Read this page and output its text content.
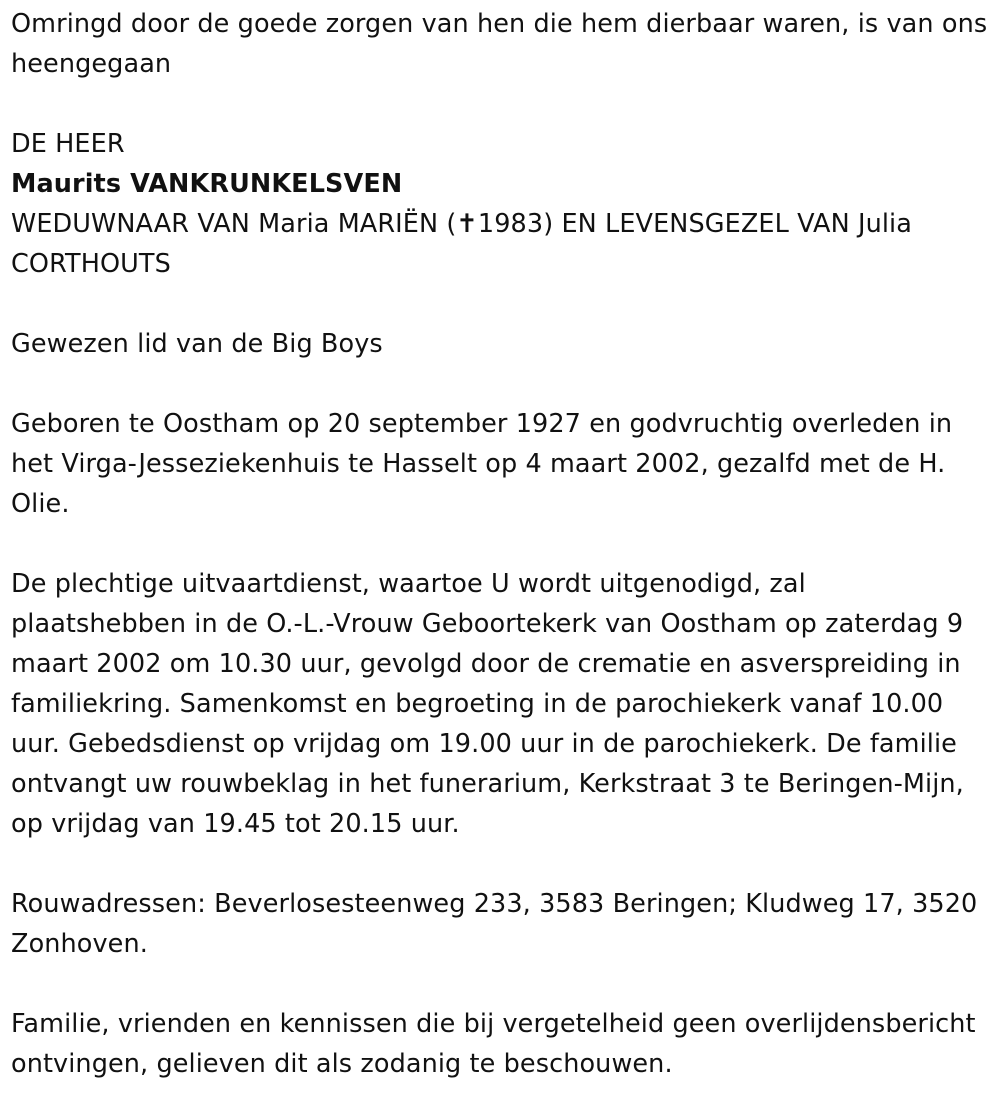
Omringd door de goede zorgen van hen die hem dierbaar waren, is van ons heengegaan

DE HEER

Maurits VANKRUNKELSVEN

WEDUWNAAR VAN Maria MARIËN (✝1983) EN LEVENSGEZEL VAN Julia CORTHOUTS

Gewezen lid van de Big Boys

Geboren te Oostham op 20 september 1927 en godvruchtig overleden in het Virga-Jesseziekenhuis te Hasselt op 4 maart 2002, gezalfd met de H. Olie.

De plechtige uitvaartdienst, waartoe U wordt uitgenodigd, zal plaatshebben in de O.-L.-Vrouw Geboortekerk van Oostham op zaterdag 9 maart 2002 om 10.30 uur, gevolgd door de crematie en asverspreiding in familiekring. Samenkomst en begroeting in de parochiekerk vanaf 10.00 uur. Gebedsdienst op vrijdag om 19.00 uur in de parochiekerk. De familie ontvangt uw rouwbeklag in het funerarium, Kerkstraat 3 te Beringen-Mijn, op vrijdag van 19.45 tot 20.15 uur.

Rouwadressen: Beverlosesteenweg 233, 3583 Beringen; Kludweg 17, 3520 Zonhoven.

Familie, vrienden en kennissen die bij vergetelheid geen overlijdensbericht ontvingen, gelieven dit als zodanig te beschouwen.
